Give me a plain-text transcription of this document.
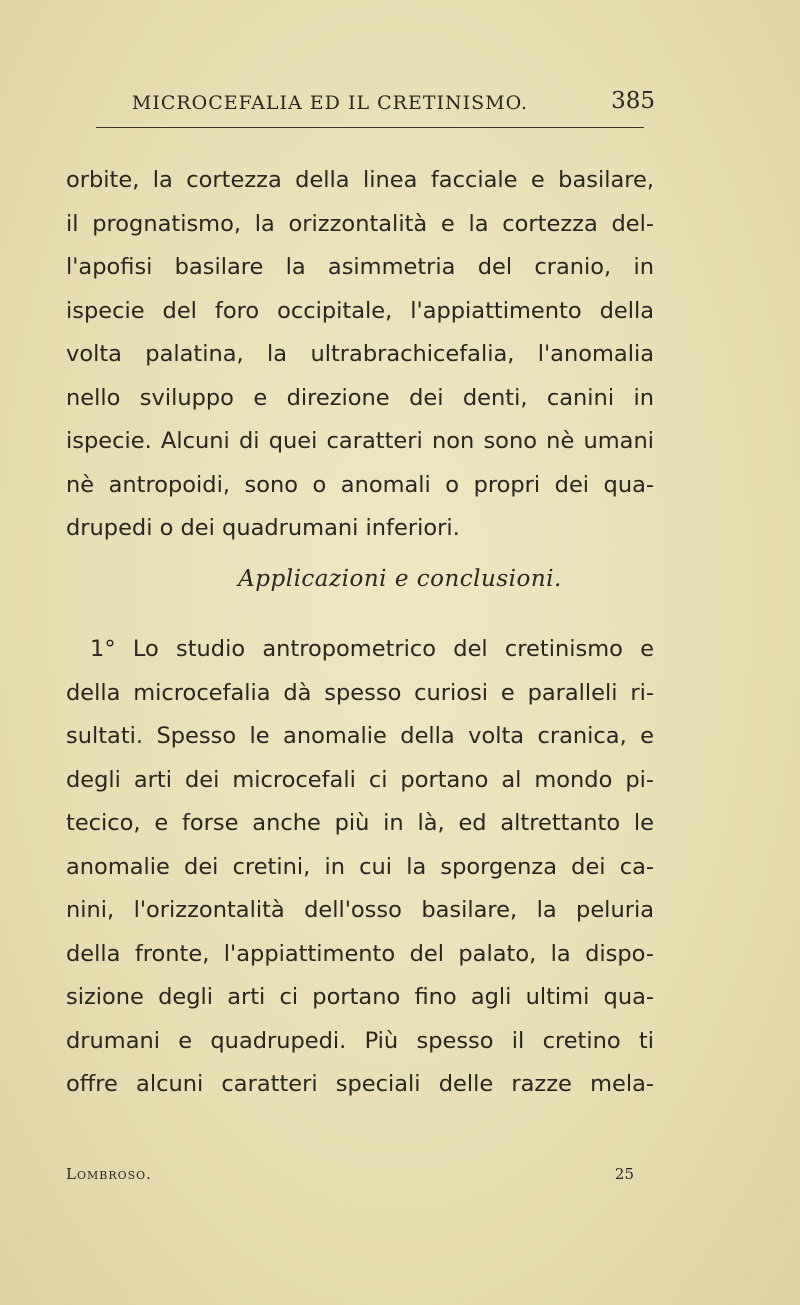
MICROCEFALIA ED IL CRETINISMO.	385
orbite, la cortezza della linea facciale e basilare,
il prognatismo, la orizzontalità e la cortezza del-
l'apofisi basilare la asimmetria del cranio, in
ispecie del foro occipitale, l'appiattimento della
volta palatina, la ultrabrachicefalia, l'anomalia
nello sviluppo e direzione dei denti, canini in
ispecie. Alcuni di quei caratteri non sono nè umani
nè antropoidi, sono o anomali o propri dei qua-
drupedi o dei quadrumani inferiori.
Applicazioni e conclusioni.
1° Lo studio antropometrico del cretinismo e
della microcefalia dà spesso curiosi e paralleli ri-
sultati. Spesso le anomalie della volta cranica, e
degli arti dei microcefali ci portano al mondo pi-
tecico, e forse anche più in là, ed altrettanto le
anomalie dei cretini, in cui la sporgenza dei ca-
nini, l'orizzontalità dell'osso basilare, la peluria
della fronte, l'appiattimento del palato, la dispo-
sizione degli arti ci portano fino agli ultimi qua-
drumani e quadrupedi. Più spesso il cretino ti
offre alcuni caratteri speciali delle razze mela-
Lombroso.	25
